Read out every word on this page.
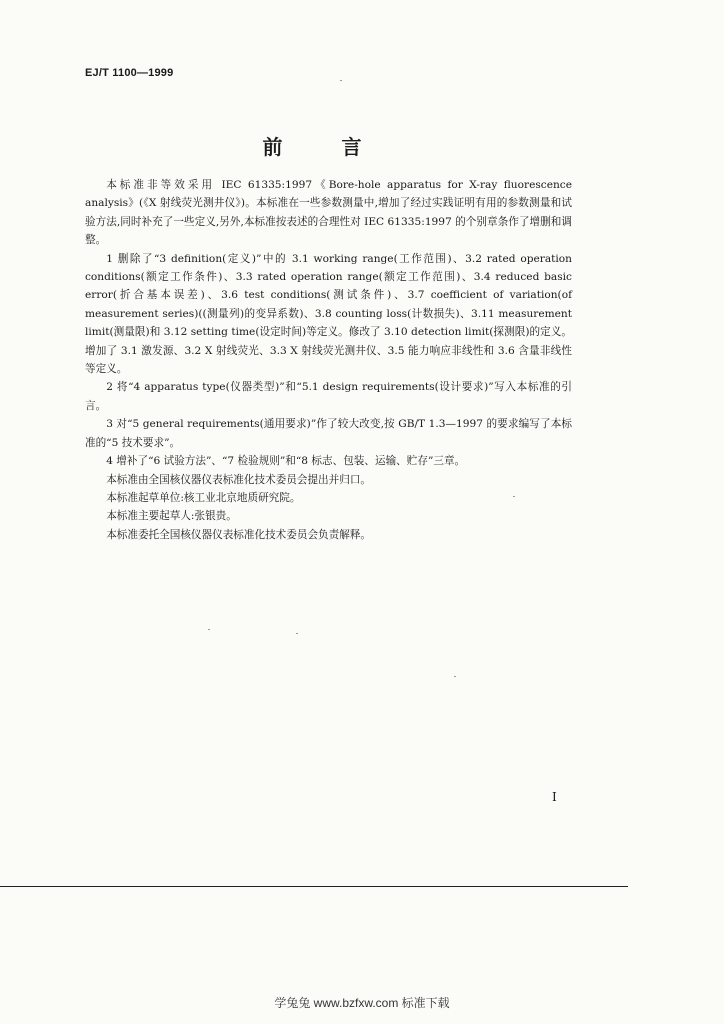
EJ/T 1100—1999
前 言

本标准非等效采用 IEC 61335:1997《Bore-hole apparatus for X-ray fluorescence analysis》(《X 射线荧光测井仪》)。本标准在一些参数测量中,增加了经过实践证明有用的参数测量和试验方法,同时补充了一些定义,另外,本标准按表述的合理性对 IEC 61335:1997 的个别章条作了增删和调整。

1 删除了“3 definition(定义)”中的 3.1 working range(工作范围)、3.2 rated operation conditions(额定工作条件)、3.3 rated operation range(额定工作范围)、3.4 reduced basic error(折合基本误差)、3.6 test conditions(测试条件)、3.7 coefficient of variation(of measurement series)((测量列)的变异系数)、3.8 counting loss(计数损失)、3.11 measurement limit(测量限)和 3.12 setting time(设定时间)等定义。修改了 3.10 detection limit(探测限)的定义。增加了 3.1 激发源、3.2 X 射线荧光、3.3 X 射线荧光测井仪、3.5 能力响应非线性和 3.6 含量非线性等定义。

2 将“4 apparatus type(仪器类型)”和“5.1 design requirements(设计要求)”写入本标准的引言。

3 对“5 general requirements(通用要求)”作了较大改变,按 GB/T 1.3—1997 的要求编写了本标准的“5 技术要求”。

4 增补了“6 试验方法”、“7 检验规则”和“8 标志、包装、运输、贮存”三章。

本标准由全国核仪器仪表标准化技术委员会提出并归口。

本标准起草单位:核工业北京地质研究院。

本标准主要起草人:张银贵。

本标准委托全国核仪器仪表标准化技术委员会负责解释。

I
学兔兔 www.bzfxw.com 标准下载
